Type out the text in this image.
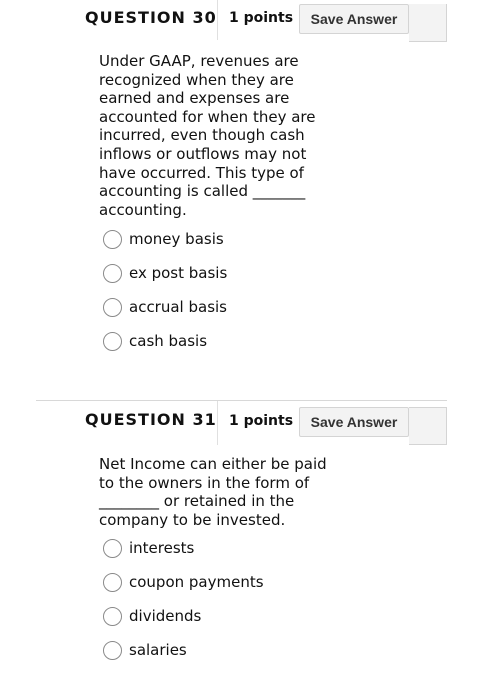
QUESTION 30 1 points	Save Answer
Under GAAP, revenues are
recognized when they are
earned and expenses are
accounted for when they are
incurred, even though cash
inflows or outflows may not
have occurred. This type of
accounting is called _______
accounting.
money basis
ex post basis
accrual basis
cash basis
QUESTION 31 1 points	Save Answer
Net Income can either be paid
to the owners in the form of
________ or retained in the
company to be invested.
interests
coupon payments
dividends
salaries
